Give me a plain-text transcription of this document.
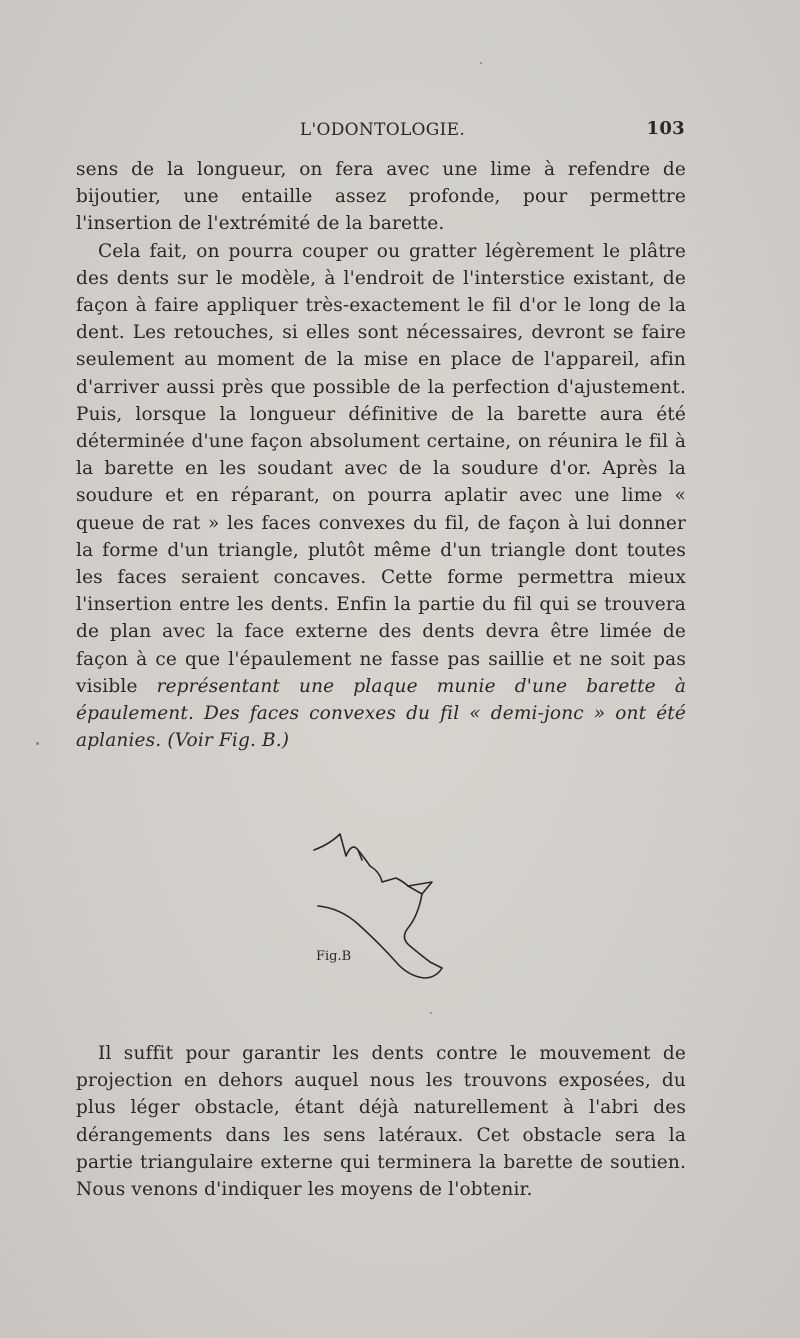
L'ODONTOLOGIE.	103

sens de la longueur, on fera avec une lime à refendre de bijoutier, une entaille assez profonde, pour permettre l'insertion de l'extrémité de la barette.

Cela fait, on pourra couper ou gratter légèrement le plâtre des dents sur le modèle, à l'endroit de l'interstice existant, de façon à faire appliquer très-exactement le fil d'or le long de la dent. Les retouches, si elles sont nécessaires, devront se faire seulement au moment de la mise en place de l'appareil, afin d'arriver aussi près que possible de la perfection d'ajustement. Puis, lorsque la longueur définitive de la barette aura été déterminée d'une façon absolument certaine, on réunira le fil à la barette en les soudant avec de la soudure d'or. Après la soudure et en réparant, on pourra aplatir avec une lime « queue de rat » les faces convexes du fil, de façon à lui donner la forme d'un triangle, plutôt même d'un triangle dont toutes les faces seraient concaves. Cette forme permettra mieux l'insertion entre les dents. Enfin la partie du fil qui se trouvera de plan avec la face externe des dents devra être limée de façon à ce que l'épaulement ne fasse pas saillie et ne soit pas visible représentant une plaque munie d'une barette à épaulement. Des faces convexes du fil « demi-jonc » ont été aplanies. (Voir Fig. B.)

Fig.B

Il suffit pour garantir les dents contre le mouvement de projection en dehors auquel nous les trouvons exposées, du plus léger obstacle, étant déjà naturellement à l'abri des dérangements dans les sens latéraux. Cet obstacle sera la partie triangulaire externe qui terminera la barette de soutien. Nous venons d'indiquer les moyens de l'obtenir.
